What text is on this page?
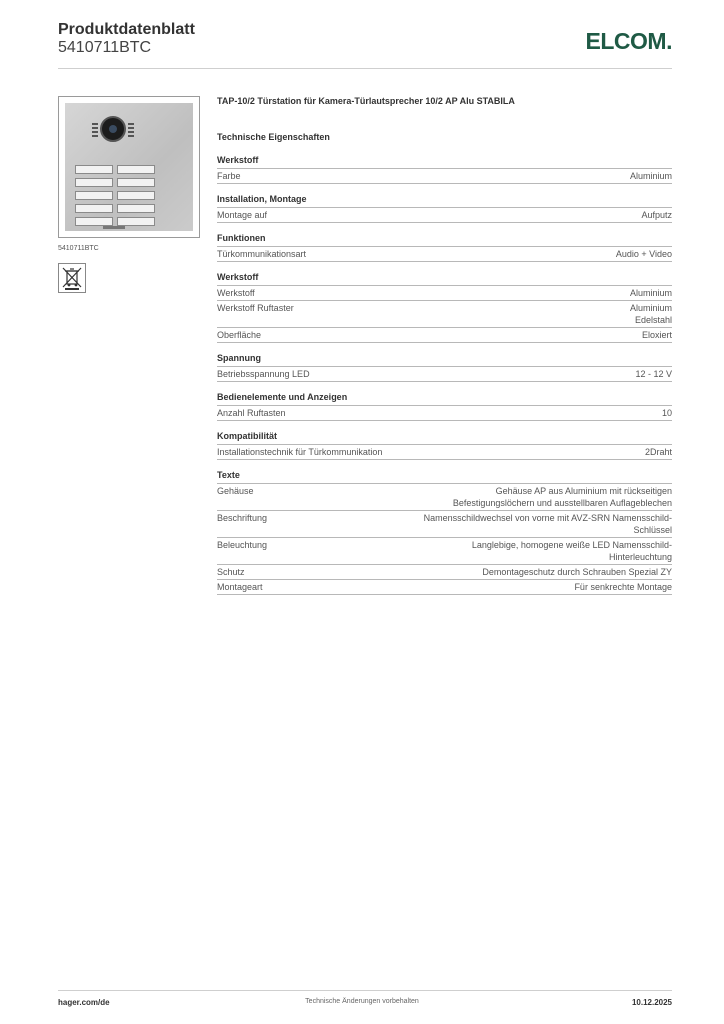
Produktdatenblatt
5410711BTC	ELCOM.
5410711BTC
TAP-10/2 Türstation für Kamera-Türlautsprecher 10/2 AP Alu STABILA
Technische Eigenschaften
Werkstoff
Farbe	Aluminium
Installation, Montage
Montage auf	Aufputz
Funktionen
Türkommunikationsart	Audio + Video
Werkstoff
Werkstoff	Aluminium
Werkstoff Ruftaster	Aluminium
Edelstahl
Oberfläche	Eloxiert
Spannung
Betriebsspannung LED	12 - 12 V
Bedienelemente und Anzeigen
Anzahl Ruftasten	10
Kompatibilität
Installationstechnik für Türkommunikation	2Draht
Texte
Gehäuse	Gehäuse AP aus Aluminium mit rückseitigen
Befestigungslöchern und ausstellbaren Auflageblechen
Beschriftung	Namensschildwechsel von vorne mit AVZ-SRN Namensschild-
Schlüssel
Beleuchtung	Langlebige, homogene weiße LED Namensschild-
Hinterleuchtung
Schutz	Demontageschutz durch Schrauben Spezial ZY
Montageart	Für senkrechte Montage
hager.com/de	Technische Änderungen vorbehalten	10.12.2025
